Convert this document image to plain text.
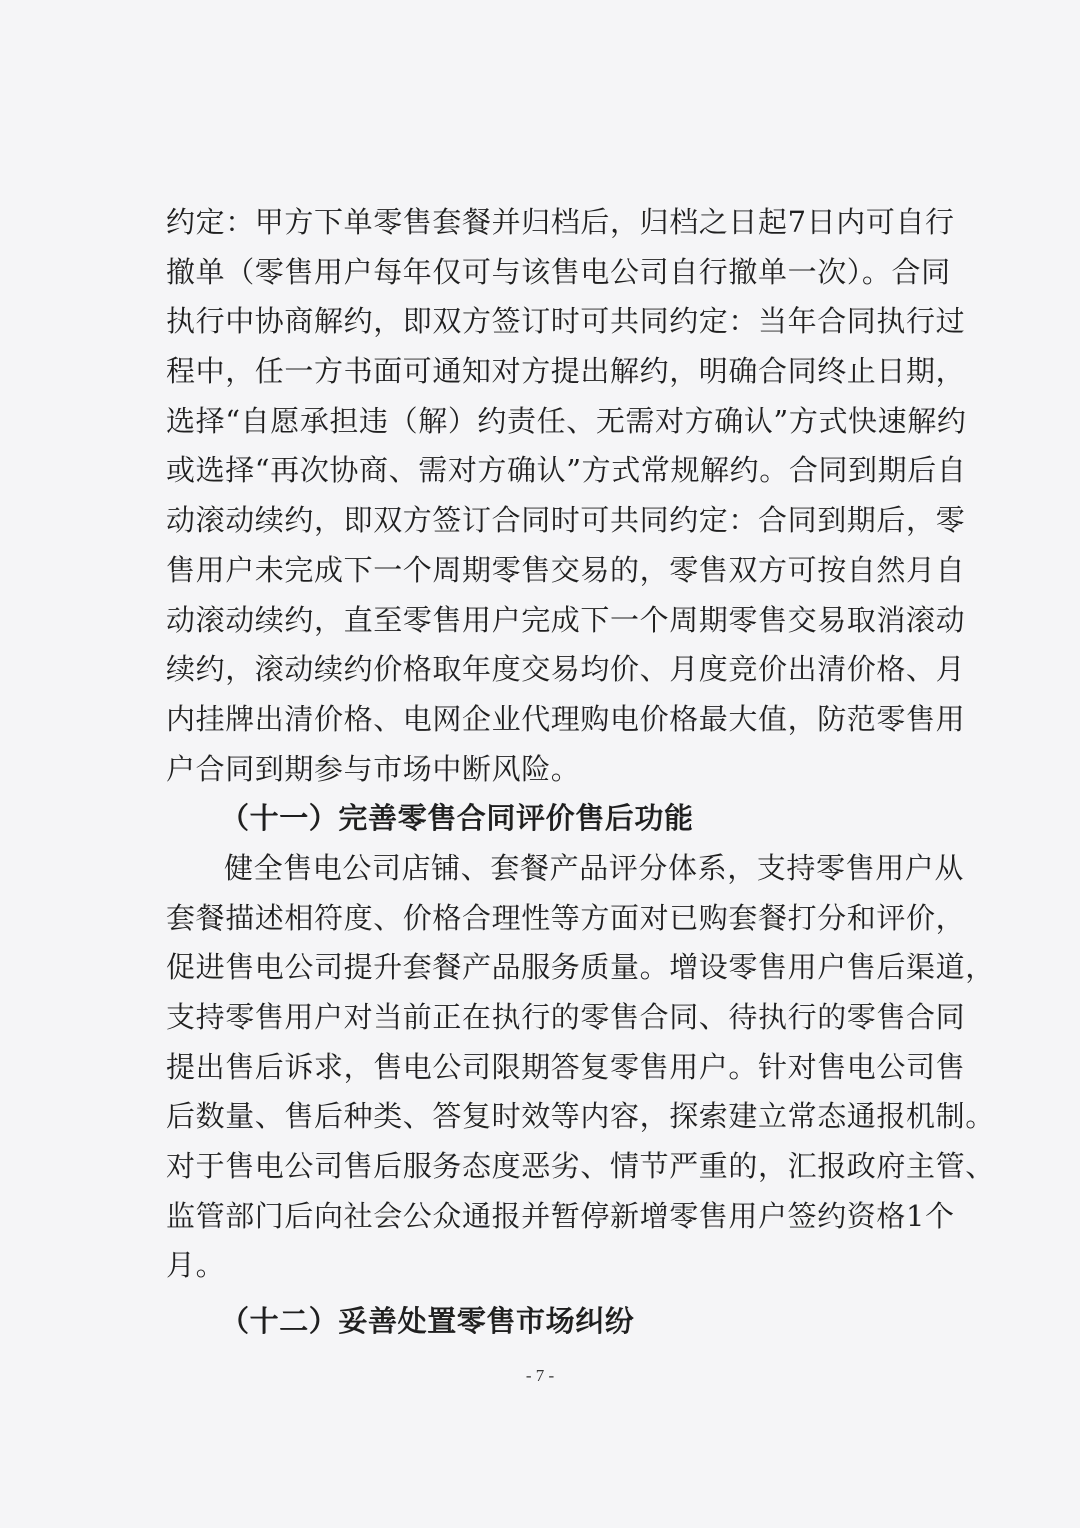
约定：甲方下单零售套餐并归档后，归档之日起7日内可自行
撤单（零售用户每年仅可与该售电公司自行撤单一次）。合同
执行中协商解约，即双方签订时可共同约定：当年合同执行过
程中，任一方书面可通知对方提出解约，明确合同终止日期，
选择“自愿承担违（解）约责任、无需对方确认”方式快速解约
或选择“再次协商、需对方确认”方式常规解约。合同到期后自
动滚动续约，即双方签订合同时可共同约定：合同到期后，零
售用户未完成下一个周期零售交易的，零售双方可按自然月自
动滚动续约，直至零售用户完成下一个周期零售交易取消滚动
续约，滚动续约价格取年度交易均价、月度竞价出清价格、月
内挂牌出清价格、电网企业代理购电价格最大值，防范零售用
户合同到期参与市场中断风险。
（十一）完善零售合同评价售后功能
健全售电公司店铺、套餐产品评分体系，支持零售用户从
套餐描述相符度、价格合理性等方面对已购套餐打分和评价，
促进售电公司提升套餐产品服务质量。增设零售用户售后渠道，
支持零售用户对当前正在执行的零售合同、待执行的零售合同
提出售后诉求，售电公司限期答复零售用户。针对售电公司售
后数量、售后种类、答复时效等内容，探索建立常态通报机制。
对于售电公司售后服务态度恶劣、情节严重的，汇报政府主管、
监管部门后向社会公众通报并暂停新增零售用户签约资格1个
月。
（十二）妥善处置零售市场纠纷
- 7 -
